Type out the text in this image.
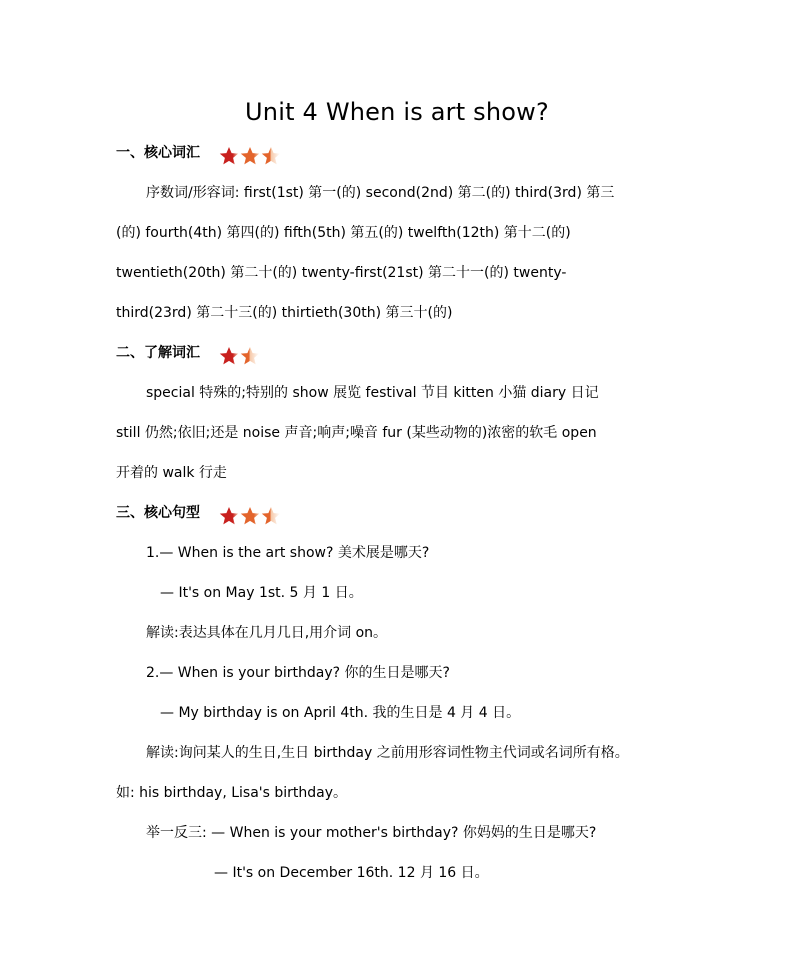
Unit 4 When is art show?
一、核心词汇
序数词/形容词: first(1st) 第一(的) second(2nd) 第二(的) third(3rd) 第三
(的) fourth(4th) 第四(的) fifth(5th) 第五(的) twelfth(12th) 第十二(的)
twentieth(20th) 第二十(的) twenty-first(21st) 第二十一(的) twenty-
third(23rd) 第二十三(的) thirtieth(30th) 第三十(的)
二、了解词汇
special 特殊的;特别的 show 展览 festival 节目 kitten 小猫 diary 日记
still 仍然;依旧;还是 noise 声音;响声;噪音 fur (某些动物的)浓密的软毛 open
开着的 walk 行走
三、核心句型
1.— When is the art show? 美术展是哪天?
— It's on May 1st. 5 月 1 日。
解读:表达具体在几月几日,用介词 on。
2.— When is your birthday? 你的生日是哪天?
— My birthday is on April 4th. 我的生日是 4 月 4 日。
解读:询问某人的生日,生日 birthday 之前用形容词性物主代词或名词所有格。
如: his birthday, Lisa's birthday。
举一反三: — When is your mother's birthday? 你妈妈的生日是哪天?
— It's on December 16th. 12 月 16 日。
